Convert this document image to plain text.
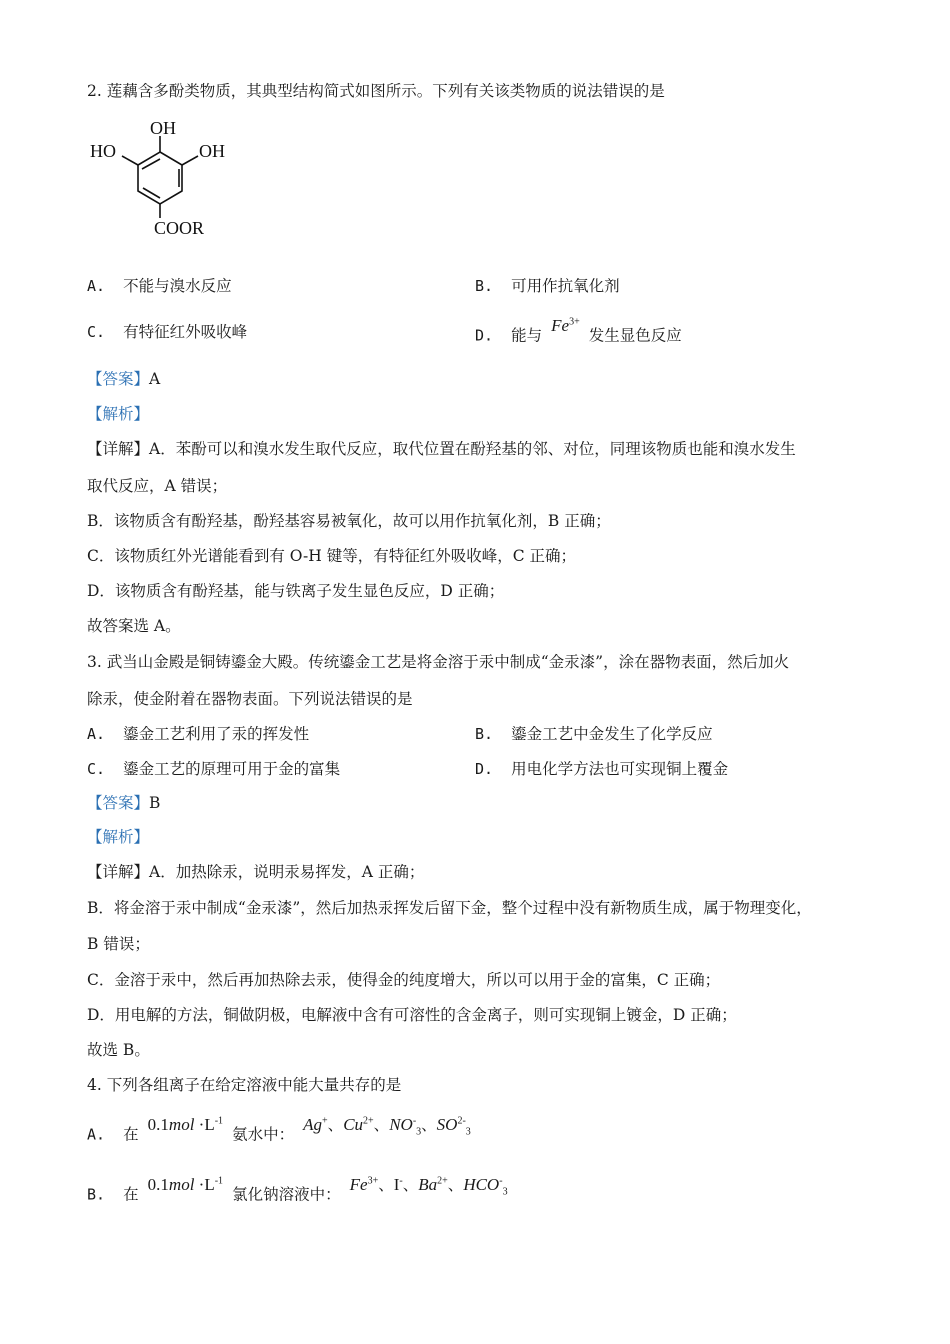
2. 莲藕含多酚类物质，其典型结构简式如图所示。下列有关该类物质的说法错误的是
OH
HO	OH
COOR
A. 不能与溴水反应	B. 可用作抗氧化剂
C. 有特征红外吸收峰	D. 能与 $Fe^{3+}$ 发生显色反应
【答案】A
【解析】
【详解】A．苯酚可以和溴水发生取代反应，取代位置在酚羟基的邻、对位，同理该物质也能和溴水发生
取代反应，A 错误；
B．该物质含有酚羟基，酚羟基容易被氧化，故可以用作抗氧化剂，B 正确；
C．该物质红外光谱能看到有 O-H 键等，有特征红外吸收峰，C 正确；
D．该物质含有酚羟基，能与铁离子发生显色反应，D 正确；
故答案选 A。
3. 武当山金殿是铜铸鎏金大殿。传统鎏金工艺是将金溶于汞中制成“金汞漆”，涂在器物表面，然后加火
除汞，使金附着在器物表面。下列说法错误的是
A. 鎏金工艺利用了汞的挥发性	B. 鎏金工艺中金发生了化学反应
C. 鎏金工艺的原理可用于金的富集	D. 用电化学方法也可实现铜上覆金
【答案】B
【解析】
【详解】A．加热除汞，说明汞易挥发，A 正确；
B．将金溶于汞中制成“金汞漆”，然后加热汞挥发后留下金，整个过程中没有新物质生成，属于物理变化，
B 错误；
C．金溶于汞中，然后再加热除去汞，使得金的纯度增大，所以可以用于金的富集，C 正确；
D．用电解的方法，铜做阴极，电解液中含有可溶性的含金离子，则可实现铜上镀金，D 正确；
故选 B。
4. 下列各组离子在给定溶液中能大量共存的是
A. 在 $0.1mol \cdot L^{-1}$ 氨水中： Ag+、$Cu^{2+}$、$NO^-_3$、$SO^{2-}_3$
B. 在 $0.1mol \cdot L^{-1}$ 氯化钠溶液中： $Fe^{3+}$、I-、$Ba^{2+}$、$HCO^-_3$
